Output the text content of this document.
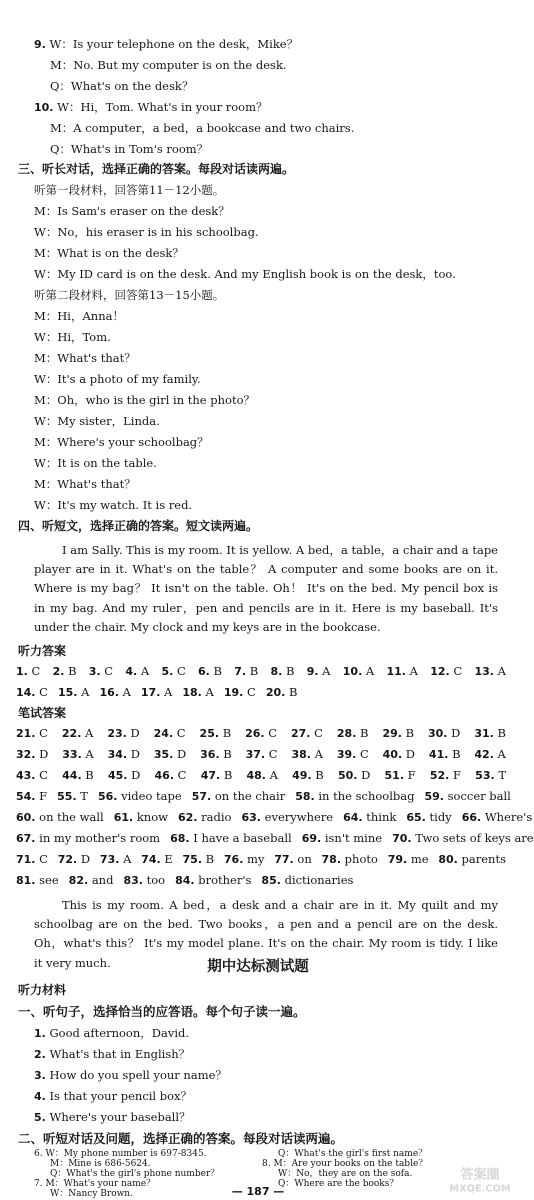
9. W：Is your telephone on the desk，Mike？
M：No. But my computer is on the desk.
Q：What's on the desk？
10. W：Hi，Tom. What's in your room？
M：A computer，a bed，a bookcase and two chairs.
Q：What's in Tom's room？
三、听长对话，选择正确的答案。每段对话读两遍。
听第一段材料，回答第11－12小题。
M：Is Sam's eraser on the desk？
W：No，his eraser is in his schoolbag.
M：What is on the desk？
W：My ID card is on the desk. And my English book is on the desk，too.
听第二段材料，回答第13－15小题。
M：Hi，Anna！
W：Hi，Tom.
M：What's that？
W：It's a photo of my family.
M：Oh，who is the girl in the photo？
W：My sister，Linda.
M：Where's your schoolbag？
W：It is on the table.
M：What's that？
W：It's my watch. It is red.
四、听短文，选择正确的答案。短文读两遍。
I am Sally. This is my room. It is yellow. A bed，a table，a chair and a tape player are in it. What's on the table？ A computer and some books are on it. Where is my bag？ It isn't on the table. Oh！ It's on the bed. My pencil box is in my bag. And my ruler，pen and pencils are in it. Here is my baseball. It's under the chair. My clock and my keys are in the bookcase.
听力答案
1. C 2. B 3. C 4. A 5. C 6. B 7. B 8. B 9. A 10. A 11. A 12. C 13. A
14. C 15. A 16. A 17. A 18. A 19. C 20. B
笔试答案
21. C 22. A 23. D 24. C 25. B 26. C 27. C 28. B 29. B 30. D 31. B
32. D 33. A 34. D 35. D 36. B 37. C 38. A 39. C 40. D 41. B 42. A
43. C 44. B 45. D 46. C 47. B 48. A 49. B 50. D 51. F 52. F 53. T
54. F 55. T 56. video tape 57. on the chair 58. in the schoolbag 59. soccer ball
60. on the wall 61. know 62. radio 63. everywhere 64. think 65. tidy 66. Where's
67. in my mother's room 68. I have a baseball 69. isn't mine 70. Two sets of keys are
71. C 72. D 73. A 74. E 75. B 76. my 77. on 78. photo 79. me 80. parents
81. see 82. and 83. too 84. brother's 85. dictionaries
This is my room. A bed，a desk and a chair are in it. My quilt and my schoolbag are on the bed. Two books，a pen and a pencil are on the desk. Oh，what's this？ It's my model plane. It's on the chair. My room is tidy. I like it very much.	期中达标测试题
听力材料
一、听句子，选择恰当的应答语。每个句子读一遍。
1. Good afternoon，David.
2. What's that in English？
3. How do you spell your name？
4. Is that your pencil box？
5. Where's your baseball？
二、听短对话及问题，选择正确的答案。每段对话读两遍。
— 187 —
答案圈
MXQE.COM
6. W：My phone number is 697-8345.
M：Mine is 686-5624.
Q：What's the girl's phone number？
7. M：What's your name？
W：Nancy Brown.
Q：What's the girl's first name？
8. M：Are your books on the table？
W：No，they are on the sofa.
Q：Where are the books？
